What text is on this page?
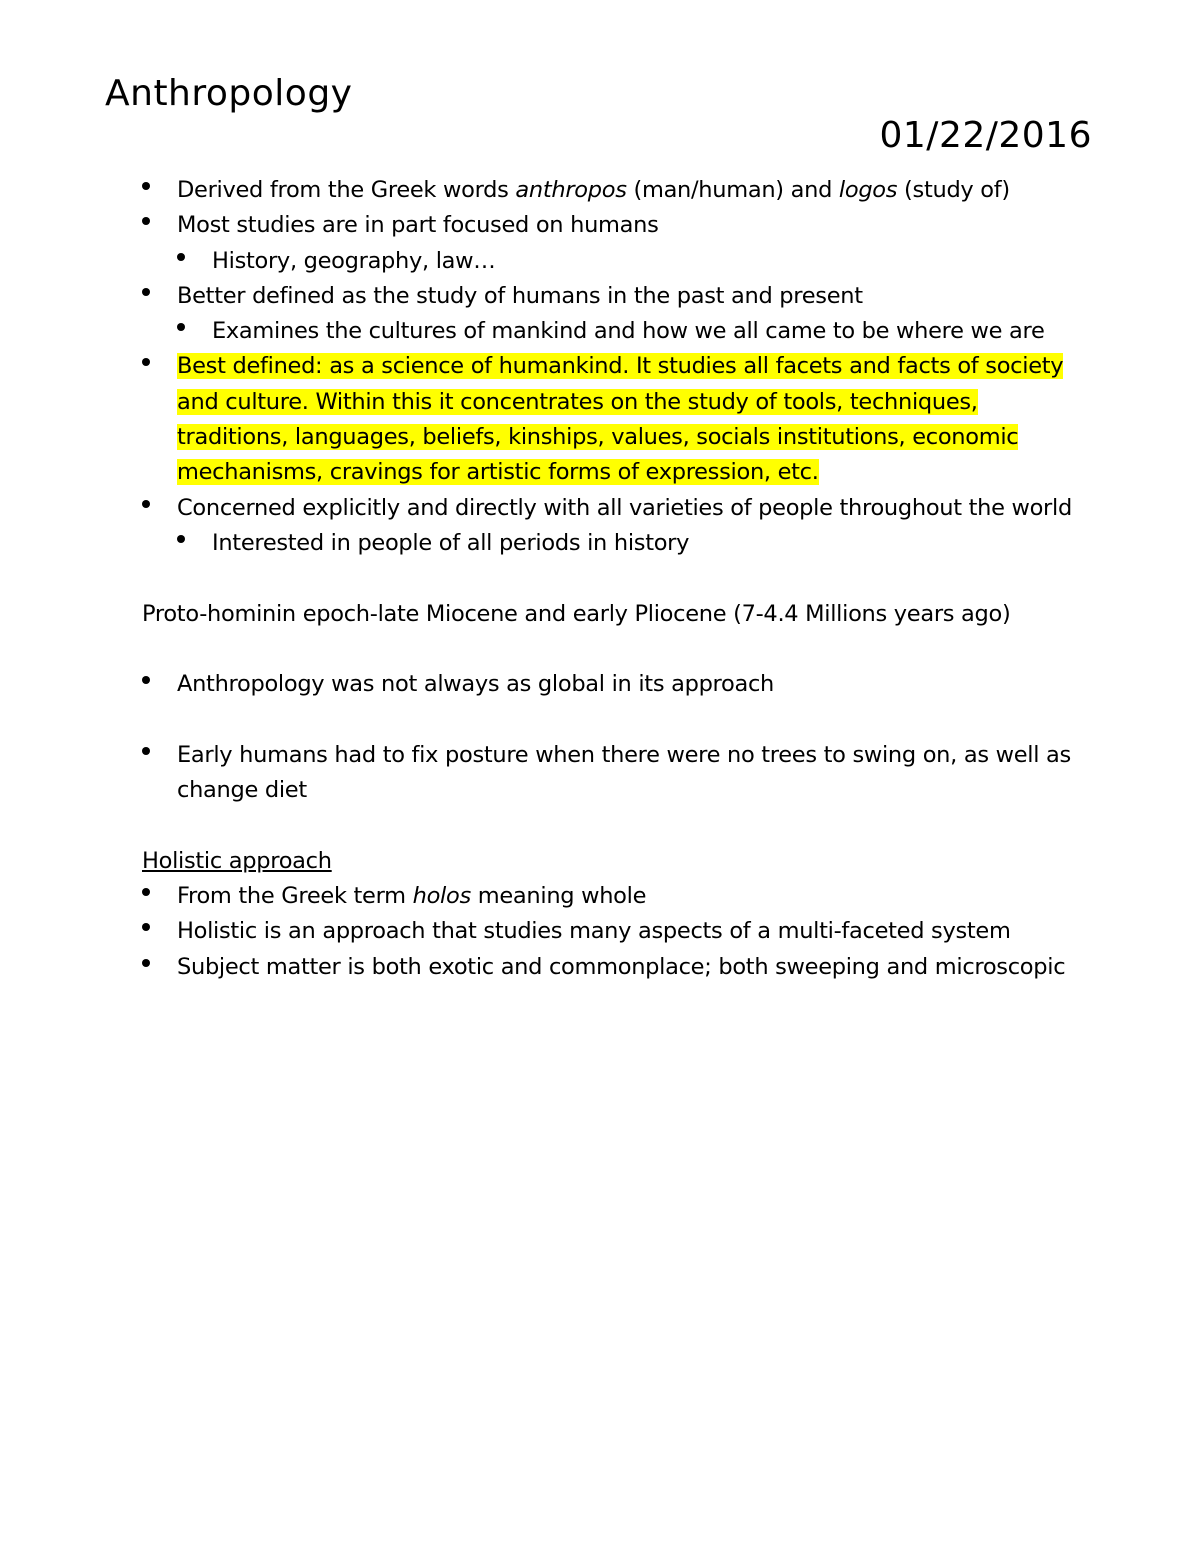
Anthropology
01/22/2016
Derived from the Greek words anthropos (man/human) and logos (study of)
Most studies are in part focused on humans
History, geography, law…
Better defined as the study of humans in the past and present
Examines the cultures of mankind and how we all came to be where we are
Best defined: as a science of humankind. It studies all facets and facts of society and culture. Within this it concentrates on the study of tools, techniques, traditions, languages, beliefs, kinships, values, socials institutions, economic mechanisms, cravings for artistic forms of expression, etc.
Concerned explicitly and directly with all varieties of people throughout the world
Interested in people of all periods in history

Proto-hominin epoch-late Miocene and early Pliocene (7-4.4 Millions years ago)

Anthropology was not always as global in its approach
Early humans had to fix posture when there were no trees to swing on, as well as change diet

Holistic approach

From the Greek term holos meaning whole
Holistic is an approach that studies many aspects of a multi-faceted system
Subject matter is both exotic and commonplace; both sweeping and microscopic
